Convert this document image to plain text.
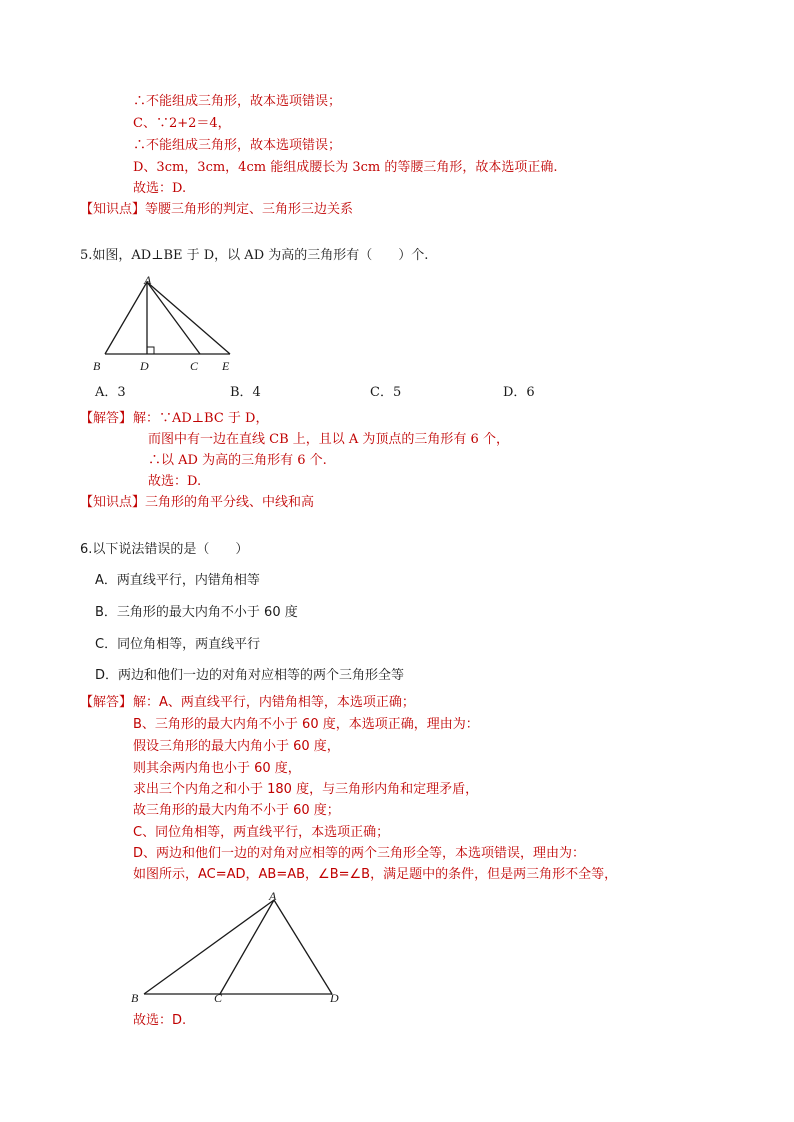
∴不能组成三角形，故本选项错误；
C、∵2+2＝4，
∴不能组成三角形，故本选项错误；
D、3cm，3cm，4cm 能组成腰长为 3cm 的等腰三角形，故本选项正确.
故选：D.
【知识点】等腰三角形的判定、三角形三边关系
5.如图，AD⊥BE 于 D，以 AD 为高的三角形有（　　）个.
A
B	D	C E
A．3	B．4	C．5	D．6
【解答】 解：∵AD⊥BC 于 D，
而图中有一边在直线 CB 上，且以 A 为顶点的三角形有 6 个，
∴以 AD 为高的三角形有 6 个.
故选：D.
【知识点】三角形的角平分线、中线和高
6.以下说法错误的是（　　）
A．两直线平行，内错角相等
B．三角形的最大内角不小于 60 度
C．同位角相等，两直线平行
D．两边和他们一边的对角对应相等的两个三角形全等
【解答】 解：A、两直线平行，内错角相等，本选项正确；
B、三角形的最大内角不小于 60 度，本选项正确，理由为：
假设三角形的最大内角小于 60 度，
则其余两内角也小于 60 度，
求出三个内角之和小于 180 度，与三角形内角和定理矛盾，
故三角形的最大内角不小于 60 度；
C、同位角相等，两直线平行，本选项正确；
D、两边和他们一边的对角对应相等的两个三角形全等，本选项错误，理由为：
如图所示，AC=AD，AB=AB，∠B=∠B，满足题中的条件，但是两三角形不全等，
A
B	C	D
故选：D.
